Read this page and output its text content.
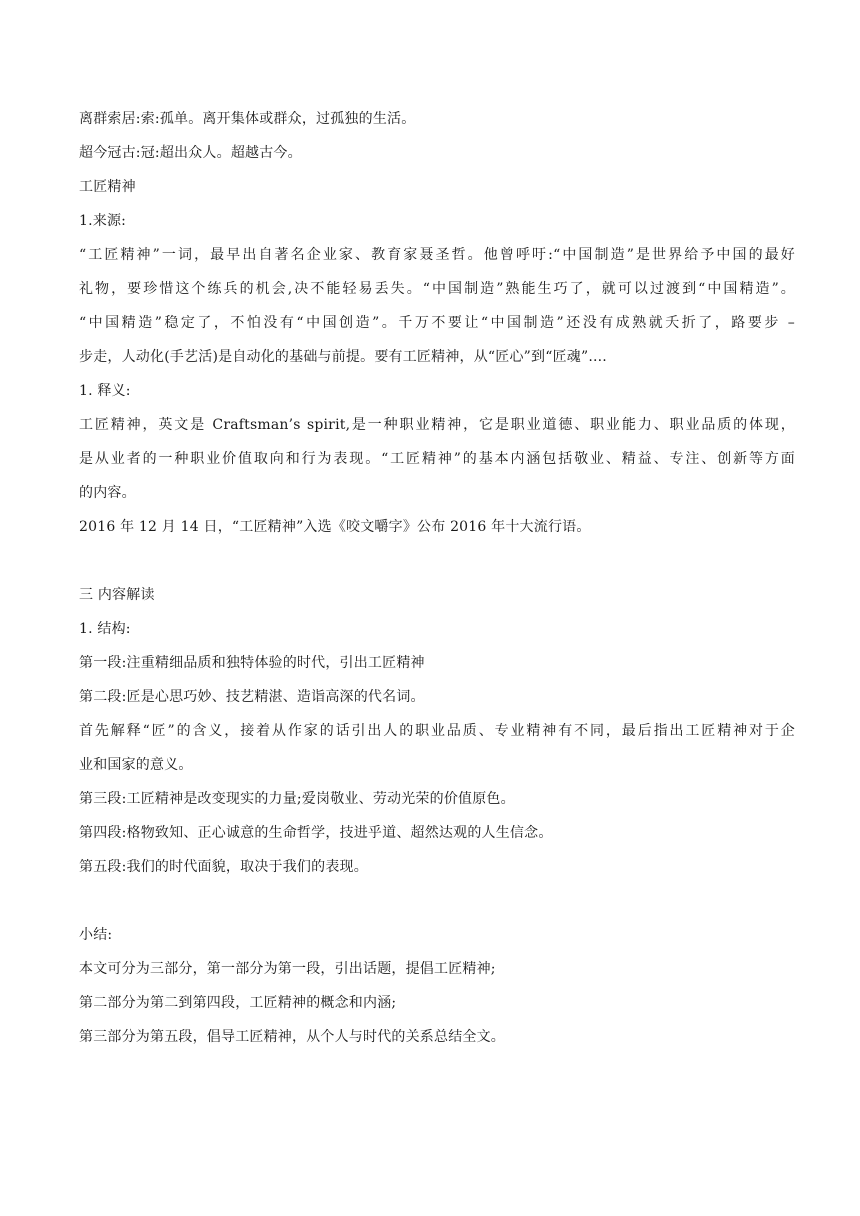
离群索居:索:孤单。离开集体或群众，过孤独的生活。
超今冠古:冠:超出众人。超越古今。
工匠精神
1.来源:
“工匠精神”一词，最早出自著名企业家、教育家聂圣哲。他曾呼吁:“中国制造”是世界给予中国的最好
礼物，要珍惜这个练兵的机会,决不能轻易丢失。“中国制造”熟能生巧了，就可以过渡到“中国精造”。
“中国精造”稳定了，不怕没有“中国创造”。千万不要让“中国制造”还没有成熟就夭折了，路要步 –
步走，人动化(手艺活)是自动化的基础与前提。要有工匠精神，从“匠心”到“匠魂”....
1. 释义:
工匠精神，英文是 Craftsman’s spirit,是一种职业精神，它是职业道德、职业能力、职业品质的体现，
是从业者的一种职业价值取向和行为表现。“工匠精神”的基本内涵包括敬业、精益、专注、创新等方面
的内容。
2016 年 12 月 14 日，“工匠精神”入选《咬文嚼字》公布 2016 年十大流行语。
三 内容解读
1. 结构:
第一段:注重精细品质和独特体验的时代，引出工匠精神
第二段:匠是心思巧妙、技艺精湛、造诣高深的代名词。
首先解释“匠”的含义，接着从作家的话引出人的职业品质、专业精神有不同，最后指出工匠精神对于企
业和国家的意义。
第三段:工匠精神是改变现实的力量;爱岗敬业、劳动光荣的价值原色。
第四段:格物致知、正心诚意的生命哲学，技进乎道、超然达观的人生信念。
第五段:我们的时代面貌，取决于我们的表现。
小结:
本文可分为三部分，第一部分为第一段，引出话题，提倡工匠精神;
第二部分为第二到第四段，工匠精神的概念和内涵;
第三部分为第五段，倡导工匠精神，从个人与时代的关系总结全文。
